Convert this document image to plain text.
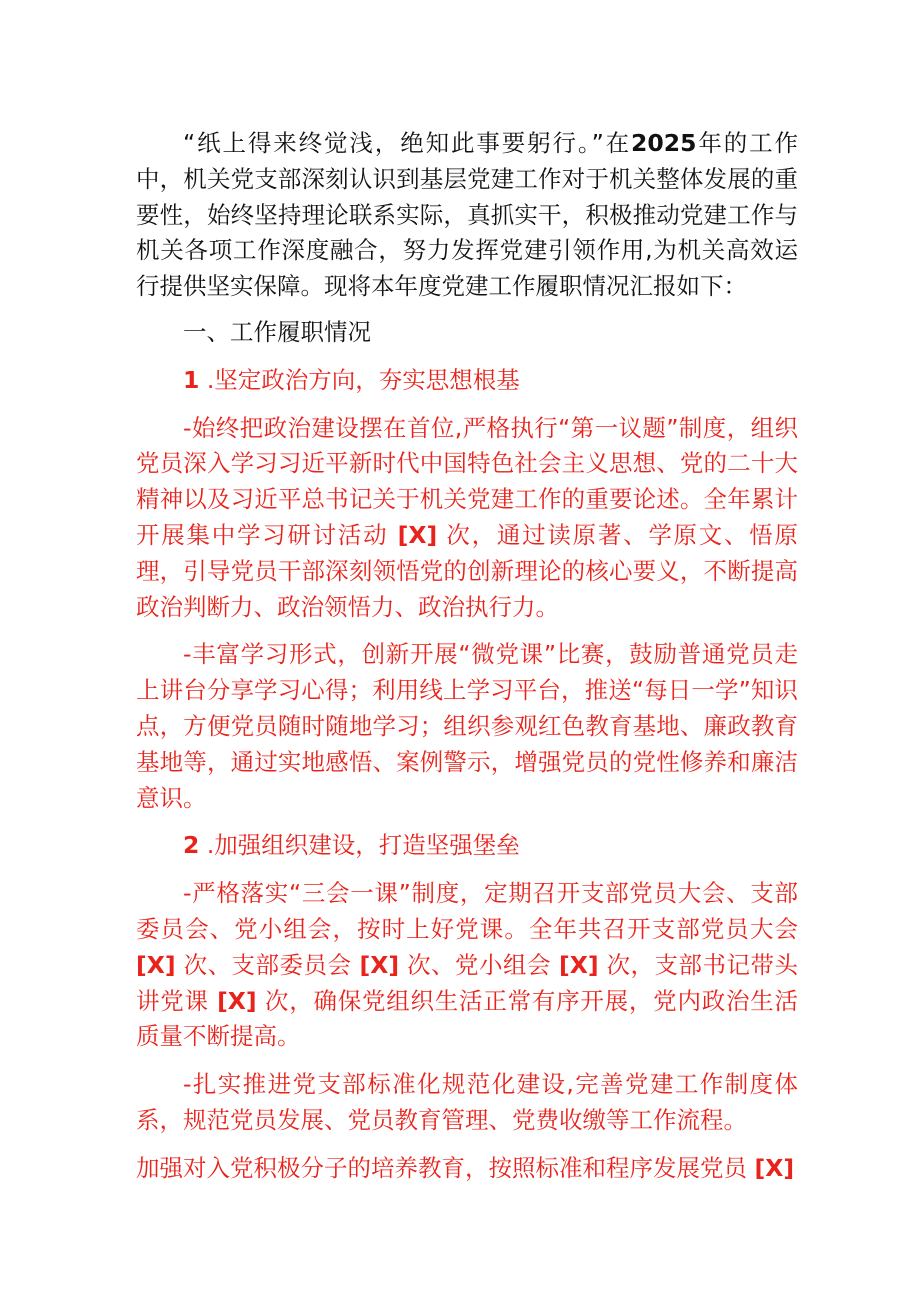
“纸上得来终觉浅，绝知此事要躬行。”在2025年的工作中，机关党支部深刻认识到基层党建工作对于机关整体发展的重要性，始终坚持理论联系实际，真抓实干，积极推动党建工作与机关各项工作深度融合，努力发挥党建引领作用,为机关高效运行提供坚实保障。现将本年度党建工作履职情况汇报如下：

一、工作履职情况

1 .坚定政治方向，夯实思想根基

-始终把政治建设摆在首位,严格执行“第一议题”制度，组织党员深入学习习近平新时代中国特色社会主义思想、党的二十大精神以及习近平总书记关于机关党建工作的重要论述。全年累计开展集中学习研讨活动 [X] 次，通过读原著、学原文、悟原理，引导党员干部深刻领悟党的创新理论的核心要义，不断提高政治判断力、政治领悟力、政治执行力。

-丰富学习形式，创新开展“微党课”比赛，鼓励普通党员走上讲台分享学习心得；利用线上学习平台，推送“每日一学”知识点，方便党员随时随地学习；组织参观红色教育基地、廉政教育基地等，通过实地感悟、案例警示，增强党员的党性修养和廉洁意识。

2 .加强组织建设，打造坚强堡垒

-严格落实“三会一课”制度，定期召开支部党员大会、支部委员会、党小组会，按时上好党课。全年共召开支部党员大会 [X] 次、支部委员会 [X] 次、党小组会 [X] 次，支部书记带头讲党课 [X] 次，确保党组织生活正常有序开展，党内政治生活质量不断提高。

-扎实推进党支部标准化规范化建设,完善党建工作制度体系，规范党员发展、党员教育管理、党费收缴等工作流程。

加强对入党积极分子的培养教育，按照标准和程序发展党员 [X]
